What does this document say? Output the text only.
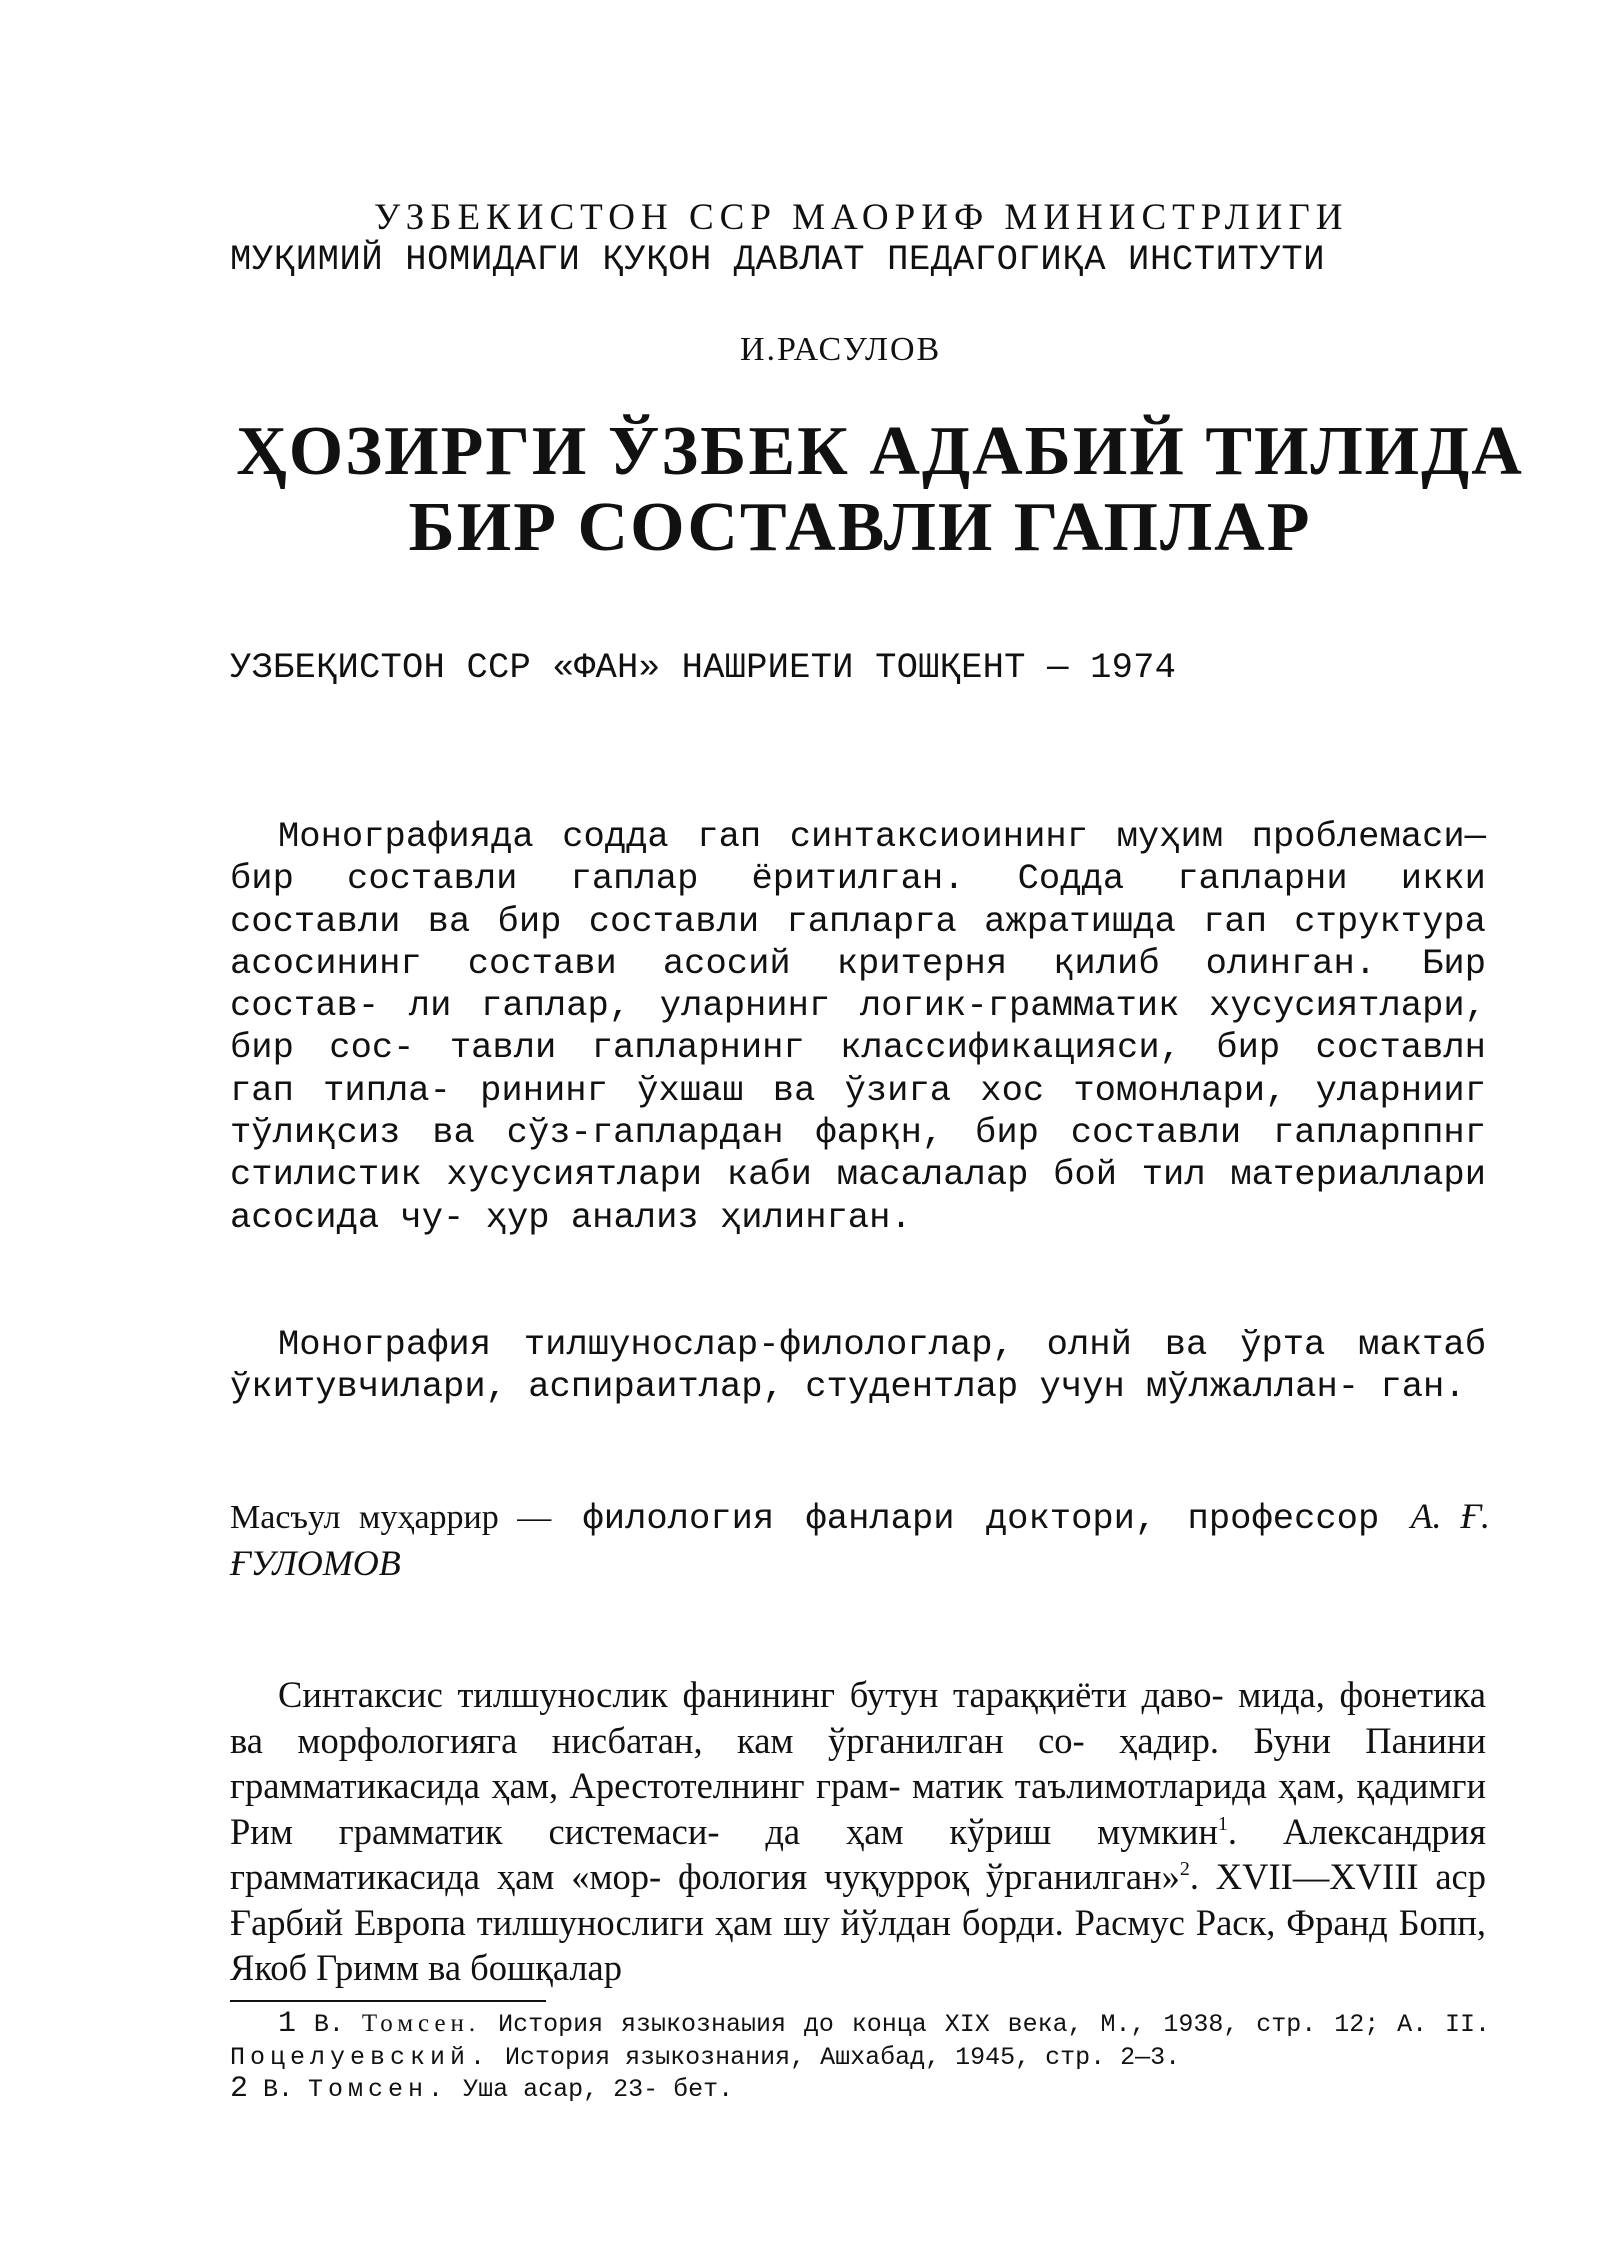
УЗБЕКИСТОН ССР МАОРИФ МИНИСТРЛИГИ
МУҚИМИЙ НОМИДАГИ ҚУҚОН ДАВЛАТ ПЕДАГОГИҚА ИНСТИТУТИ
И.РАСУЛОВ
ҲОЗИРГИ ЎЗБЕК АДАБИЙ ТИЛИДА
БИР СОСТАВЛИ ГАПЛАР
УЗБЕҚИСТОН ССР «ФАН» НАШРИЕТИ ТОШҚЕНТ — 1974

Монографияда содда гап синтаксиоининг муҳим проблемаси—бир составли гаплар ёритилган. Содда гапларни икки составли ва бир составли гапларга ажратишда гап структура асосининг состави асосий критерня қилиб олинган. Бир состав- ли гаплар, уларнинг логик-грамматик хусусиятлари, бир сос- тавли гапларнинг классификацияси, бир составлн гап типла- рининг ўхшаш ва ўзига хос томонлари, уларнииг тўлиқсиз ва сўз-гаплардан фарқн, бир составли гапларппнг стилистик хусусиятлари каби масалалар бой тил материаллари асосида чу- ҳур анализ ҳилинган.

Монография тилшунослар-филологлар, олнй ва ўрта мактаб ўкитувчилари, аспираитлар, студентлар учун мўлжаллан- ган.

Масъул муҳаррир — филология фанлари доктори, профессор А. Ғ. ҒУЛОМОВ

Синтаксис тилшунослик фанининг бутун тараққиёти даво- мида, фонетика ва морфологияга нисбатан, кам ўрганилган со- ҳадир. Буни Панини грамматикасида ҳам, Арестотелнинг грам- матик таълимотларида ҳам, қадимги Рим грамматик системаси- да ҳам кўриш мумкин$^1$. Александрия грамматикасида ҳам «мор- фология чуқурроқ ўрганилган»$^2$. XVII—XVIII аср Ғарбий Европа тилшунослиги ҳам шу йўлдан борди. Расмус Раск, Франд Бопп, Якоб Гримм ва бошқалар

1 В. Томсен. История языкознаыия до конца XIX века, М., 1938, стр. 12; А. II. Поцелуевский. История языкознания, Ашхабад, 1945, стр. 2—3.

2 В. Томсен. Уша асар, 23- бет.
